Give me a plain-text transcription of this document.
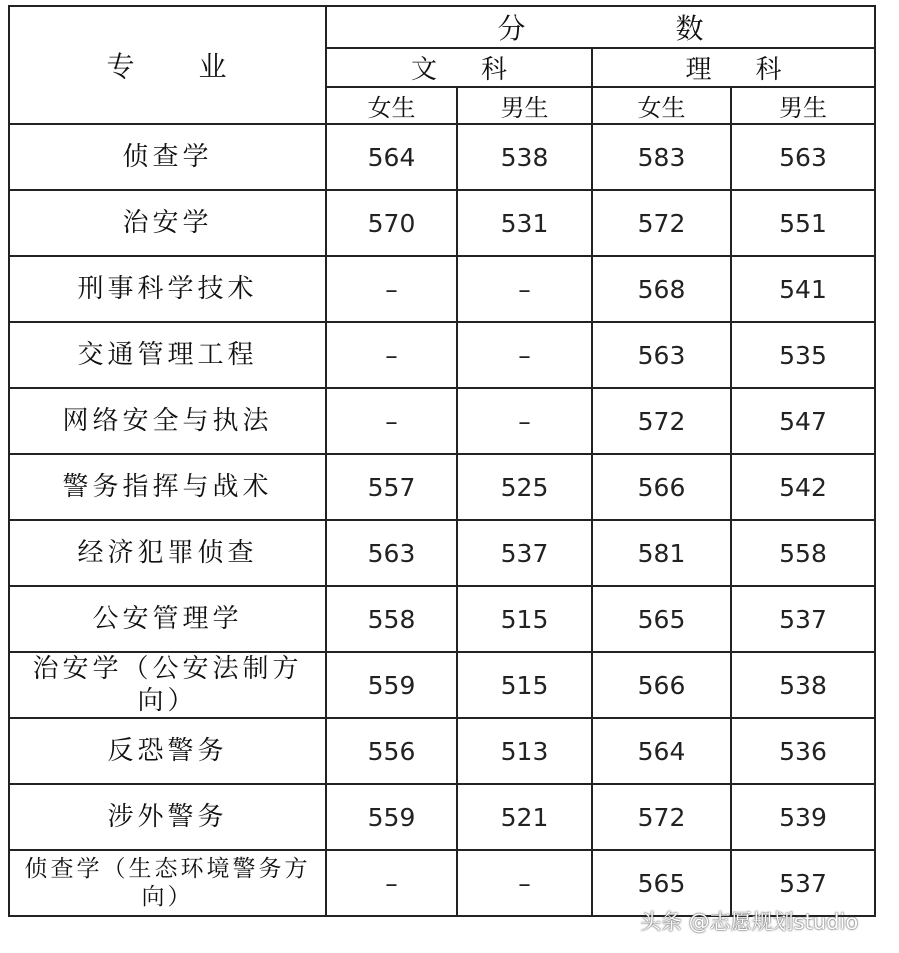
专 业	分 数			
	文 科		理 科	
	女生	男生	女生	男生
侦查学	564	538	583	563
治安学	570	531	572	551
刑事科学技术	–	–	568	541
交通管理工程	–	–	563	535
网络安全与执法	–	–	572	547
警务指挥与战术	557	525	566	542
经济犯罪侦查	563	537	581	558
公安管理学	558	515	565	537
治安学（公安法制方向）	559	515	566	538
反恐警务	556	513	564	536
涉外警务	559	521	572	539
侦查学（生态环境警务方向）	–	–	565	537
头条 @志愿规划studio
